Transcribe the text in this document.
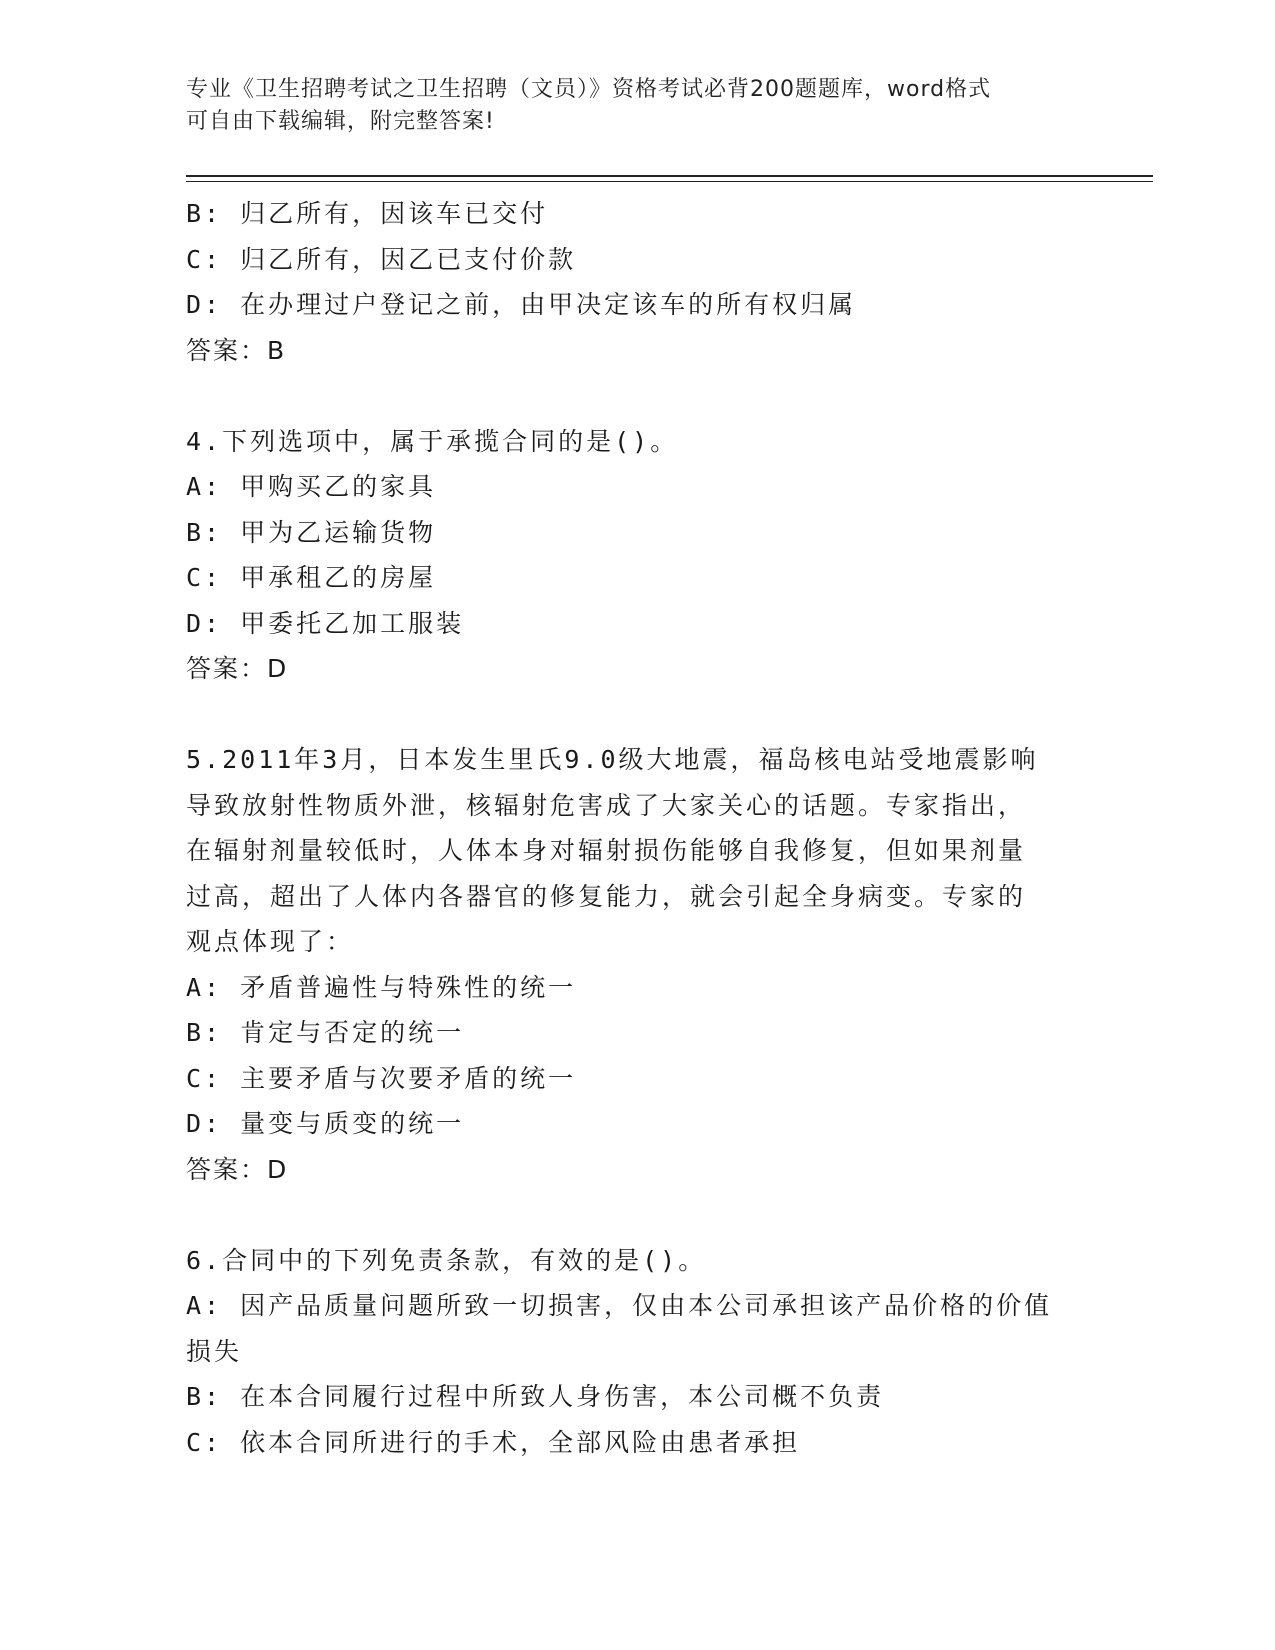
专业《卫生招聘考试之卫生招聘（文员）》资格考试必背200题题库，word格式
可自由下载编辑，附完整答案!
B: 归乙所有，因该车已交付
C: 归乙所有，因乙已支付价款
D: 在办理过户登记之前，由甲决定该车的所有权归属
答案：B
4.下列选项中，属于承揽合同的是()。
A: 甲购买乙的家具
B: 甲为乙运输货物
C: 甲承租乙的房屋
D: 甲委托乙加工服装
答案：D
5.2011年3月，日本发生里氏9.0级大地震，福岛核电站受地震影响
导致放射性物质外泄，核辐射危害成了大家关心的话题。专家指出，
在辐射剂量较低时，人体本身对辐射损伤能够自我修复，但如果剂量
过高，超出了人体内各器官的修复能力，就会引起全身病变。专家的
观点体现了：
A: 矛盾普遍性与特殊性的统一
B: 肯定与否定的统一
C: 主要矛盾与次要矛盾的统一
D: 量变与质变的统一
答案：D
6.合同中的下列免责条款，有效的是()。
A: 因产品质量问题所致一切损害，仅由本公司承担该产品价格的价值
损失
B: 在本合同履行过程中所致人身伤害，本公司概不负责
C: 依本合同所进行的手术，全部风险由患者承担
